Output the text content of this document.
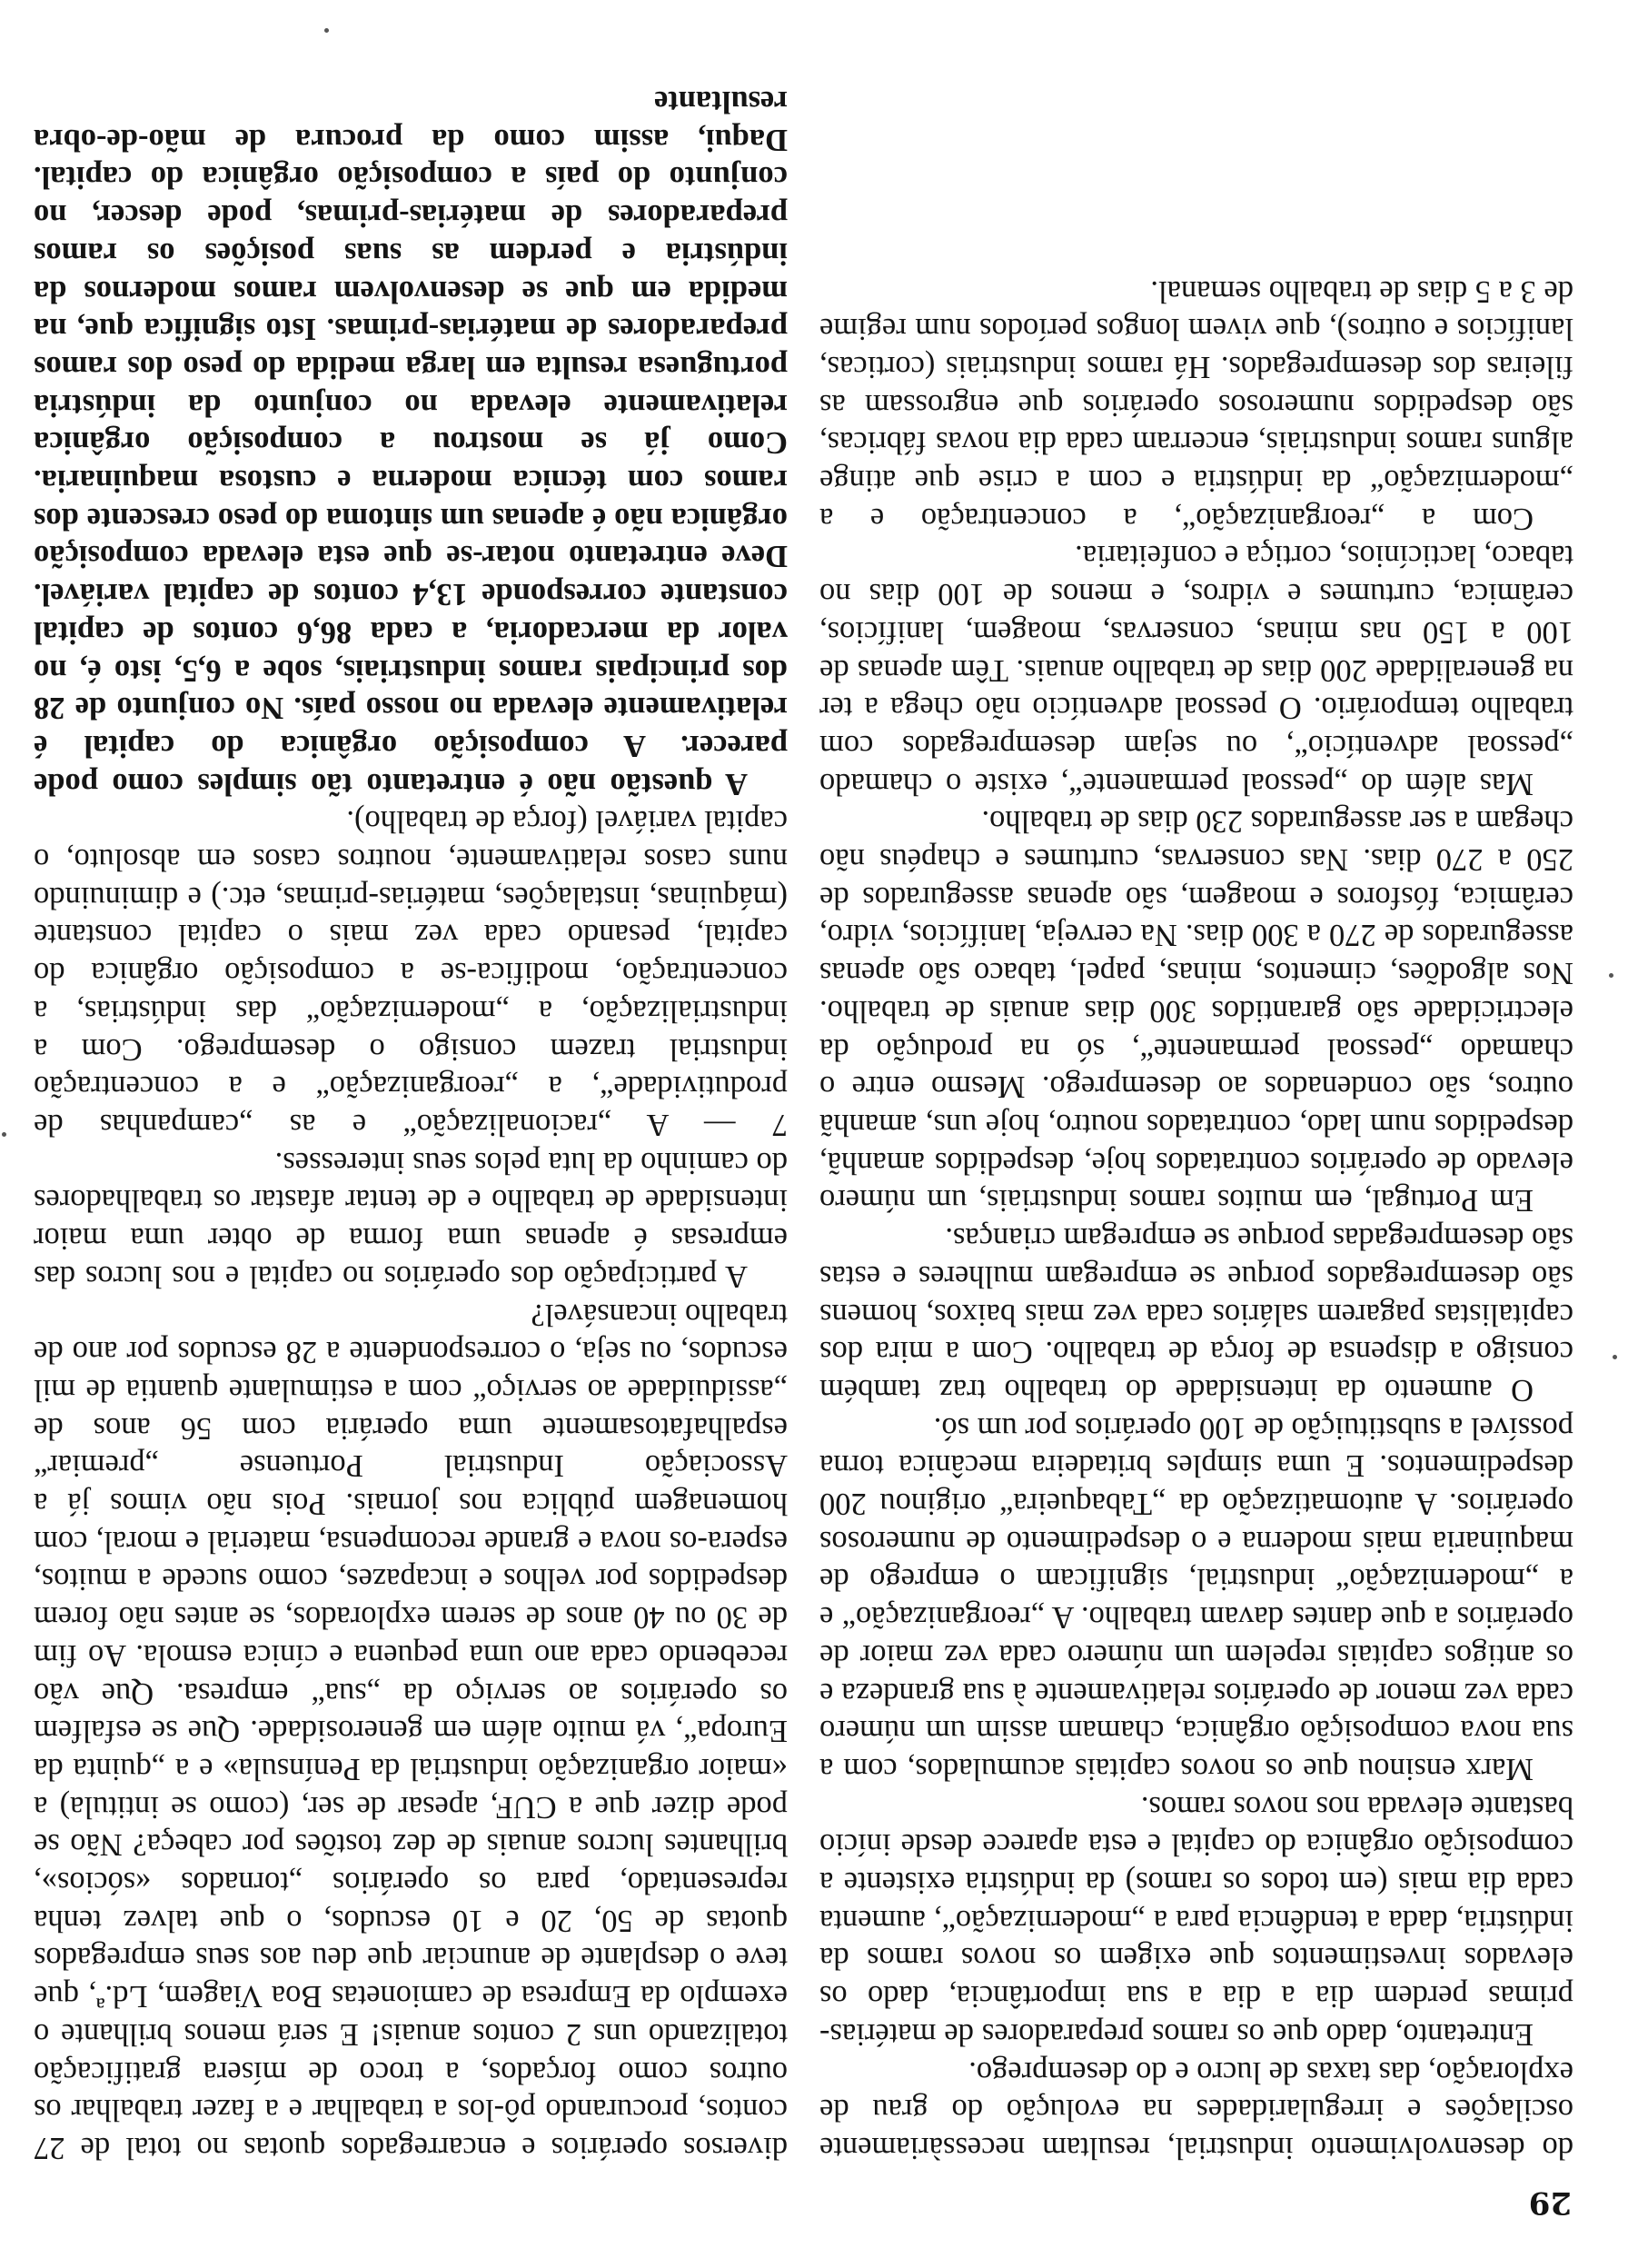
29

do desenvolvimento industrial, resultam necessàriamente oscilações e irregularidades na evolução do grau de exploração, das taxas de lucro e do desemprego.

Entretanto, dado que os ramos preparadores de matérias-primas perdem dia a dia a sua importância, dado os elevados investimentos que exigem os novos ramos da indústria, dada a tendência para a „modernização“, aumenta cada dia mais (em todos os ramos) da indústria existente a composição orgânica do capital e esta aparece desde início bastante elevada nos novos ramos.

Marx ensinou que os novos capitais acumulados, com a sua nova composição orgânica, chamam assim um número cada vez menor de operários relativamente à sua grandeza e os antigos capitais repelem um número cada vez maior de operários a que dantes davam trabalho. A „reorganização“ e a „modernização“ industrial, significam o emprego de maquinaria mais moderna e o despedimento de numerosos operários. A automatização da „Tabaqueira“ originou 200 despedimentos. E uma simples britadeira mecânica torna possível a substituição de 100 operários por um só.

O aumento da intensidade do trabalho traz também consigo a dispensa de força de trabalho. Com a mira dos capitalistas pagarem salários cada vez mais baixos, homens são desempregados porque se empregam mulheres e estas são desempregadas porque se empregam crianças.

Em Portugal, em muitos ramos industriais, um número elevado de operários contratados hoje, despedidos amanhã, despedidos num lado, contratados noutro, hoje uns, amanhã outros, são condenados ao desemprego. Mesmo entre o chamado „pessoal permanente“, só na produção da electricidade são garantidos 300 dias anuais de trabalho. Nos algodões, cimentos, minas, papel, tabaco são apenas assegurados de 270 a 300 dias. Na cerveja, lanifícios, vidro, cerâmica, fósforos e moagem, são apenas assegurados de 250 a 270 dias. Nas conservas, curtumes e chapéus não chegam a ser assegurados 230 dias de trabalho.

Mas além do „pessoal permanente“, existe o chamado „pessoal adventício“, ou sejam desempregados com trabalho temporário. O pessoal adventício não chega a ter na generalidade 200 dias de trabalho anuais. Têm apenas de 100 a 150 nas minas, conservas, moagem, lanifícios, cerâmica, curtumes e vidros, e menos de 100 dias no tabaco, lacticínios, cortiça e confeitaria.

Com a „reorganização“, a concentração e a „modernização“ da indústria e com a crise que atinge alguns ramos industriais, encerram cada dia novas fábricas, são despedidos numerosos operários que engrossam as fileiras dos desempregados. Há ramos industriais (corticas, lanifícios e outros), que vivem longos períodos num regime de 3 a 5 dias de trabalho semanal.

diversos operários e encarregados quotas no total de 27 contos, procurando pô-los a trabalhar e a fazer trabalhar os outros como forçados, a troco de mísera gratificação totalizando uns 2 contos anuais! E será menos brilhante o exemplo da Empresa de camionetas Boa Viagem, Ld.ª, que teve o desplante de anunciar que deu aos seus empregados quotas de 50, 20 e 10 escudos, o que talvez tenha representado, para os operários „tornados «sócios», brilhantes lucros anuais de dez tostões por cabeça? Não se pode dizer que a CUF, apesar de ser, (como se intitula) a «maior organização industrial da Península» e a „quinta da Europa“, vá muito além em generosidade. Que se esfalfem os operários ao serviço da „sua“ empresa. Que vão recebendo cada ano uma pequena e cínica esmola. Ao fim de 30 ou 40 anos de serem explorados, se antes não forem despedidos por velhos e incapazes, como sucede a muitos, espera-os nova e grande recompensa, material e moral, com homenagem pública nos jornais. Pois não vimos já a Associação Industrial Portuense „premiar“ espalhafatosamente uma operária com 56 anos de „assiduidade ao serviço“ com a estimulante quantia de mil escudos, ou seja, o correspondente a 28 escudos por ano de trabalho incansável?

A participação dos operários no capital e nos lucros das empresas é apenas uma forma de obter uma maior intensidade de trabalho e de tentar afastar os trabalhadores do caminho da luta pelos seus interesses.

7 — A „racionalização“ e as „campanhas de produtividade“, a „reorganização“ e a concentração industrial trazem consigo o desemprego. Com a industrialização, a „modernização“ das indústrias, a concentração, modifica-se a composição orgânica do capital, pesando cada vez mais o capital constante (máquinas, instalações, matérias-primas, etc.) e diminuindo nuns casos relativamente, noutros casos em absoluto, o capital variável (força de trabalho).

A questão não é entretanto tão simples como pode parecer. A composição orgânica do capital é relativamente elevada no nosso país. No conjunto de 28 dos principais ramos industriais, sobe a 6,5, isto é, no valor da mercadoria, a cada 86,6 contos de capital constante corresponde 13,4 contos de capital variável. Deve entretanto notar-se que esta elevada composição orgânica não é apenas um sintoma do peso crescente dos ramos com técnica moderna e custosa maquinaria. Como já se mostrou a composição orgânica relativamente elevada no conjunto da indústria portuguesa resulta em larga medida do peso dos ramos preparadores de matérias-primas. Isto significa que, na medida em que se desenvolvem ramos modernos da indústria e perdem as suas posições os ramos preparadores de matérias-primas, pode descer, no conjunto do país a composição orgânica do capital. Daqui, assim como da procura de mão-de-obra resultante
